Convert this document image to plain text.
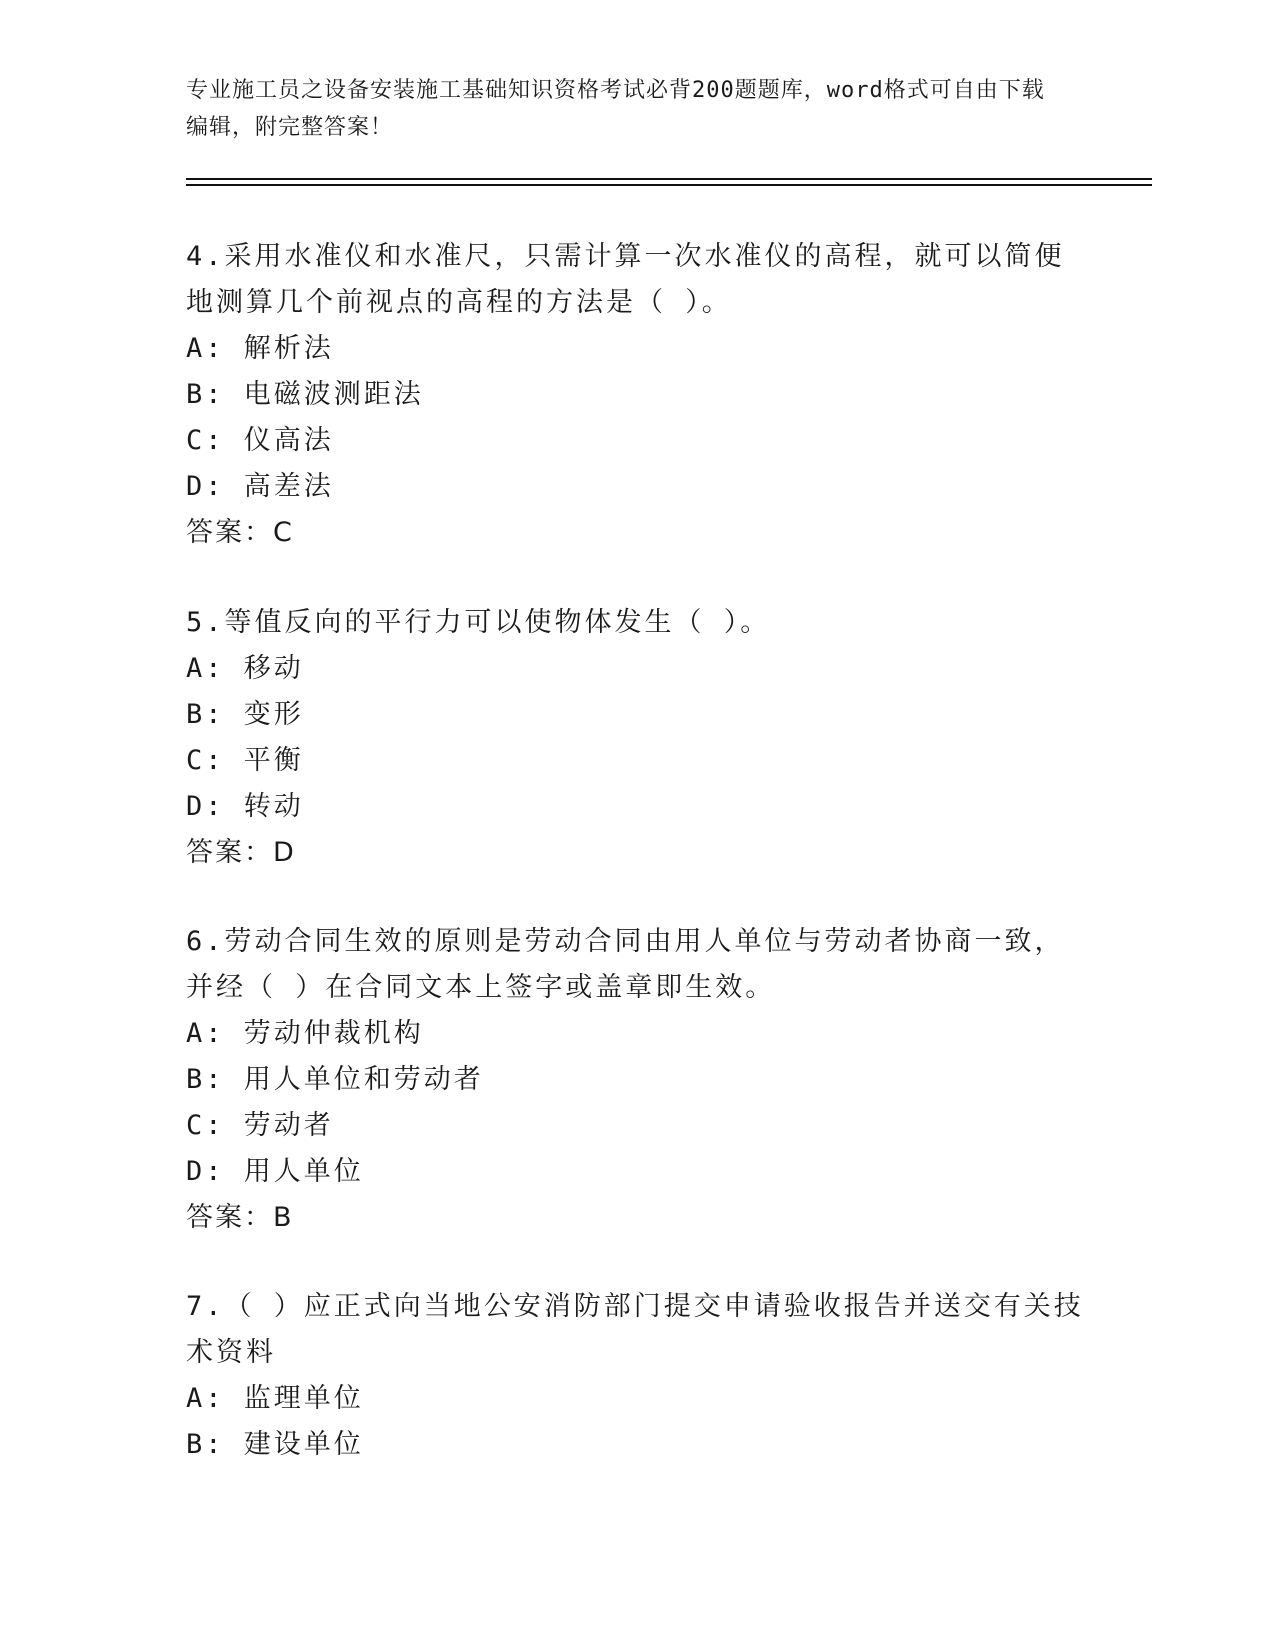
专业施工员之设备安装施工基础知识资格考试必背200题题库，word格式可自由下载编辑，附完整答案！

4.采用水准仪和水准尺，只需计算一次水准仪的高程，就可以简便地测算几个前视点的高程的方法是（ ）。

A: 解析法

B: 电磁波测距法

C: 仪高法

D: 高差法

答案：C

5.等值反向的平行力可以使物体发生（ ）。

A: 移动

B: 变形

C: 平衡

D: 转动

答案：D

6.劳动合同生效的原则是劳动合同由用人单位与劳动者协商一致，并经（ ）在合同文本上签字或盖章即生效。

A: 劳动仲裁机构

B: 用人单位和劳动者

C: 劳动者

D: 用人单位

答案：B

7.（ ）应正式向当地公安消防部门提交申请验收报告并送交有关技术资料

A: 监理单位

B: 建设单位
